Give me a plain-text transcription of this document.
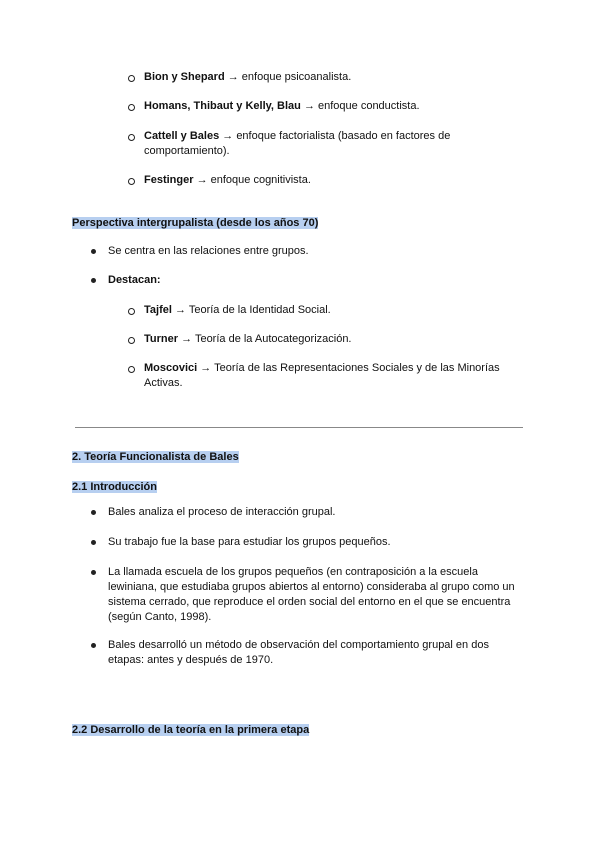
Bion y Shepard → enfoque psicoanalista.
Homans, Thibaut y Kelly, Blau → enfoque conductista.
Cattell y Bales → enfoque factorialista (basado en factores de
comportamiento).
Festinger → enfoque cognitivista.
Perspectiva intergrupalista (desde los años 70)
Se centra en las relaciones entre grupos.
Destacan:
Tajfel → Teoría de la Identidad Social.
Turner → Teoría de la Autocategorización.
Moscovici → Teoría de las Representaciones Sociales y de las Minorías
Activas.
2. Teoría Funcionalista de Bales
2.1 Introducción
Bales analiza el proceso de interacción grupal.
Su trabajo fue la base para estudiar los grupos pequeños.
La llamada escuela de los grupos pequeños (en contraposición a la escuela
lewiniana, que estudiaba grupos abiertos al entorno) consideraba al grupo como un
sistema cerrado, que reproduce el orden social del entorno en el que se encuentra
(según Canto, 1998).
Bales desarrolló un método de observación del comportamiento grupal en dos
etapas: antes y después de 1970.
2.2 Desarrollo de la teoría en la primera etapa
